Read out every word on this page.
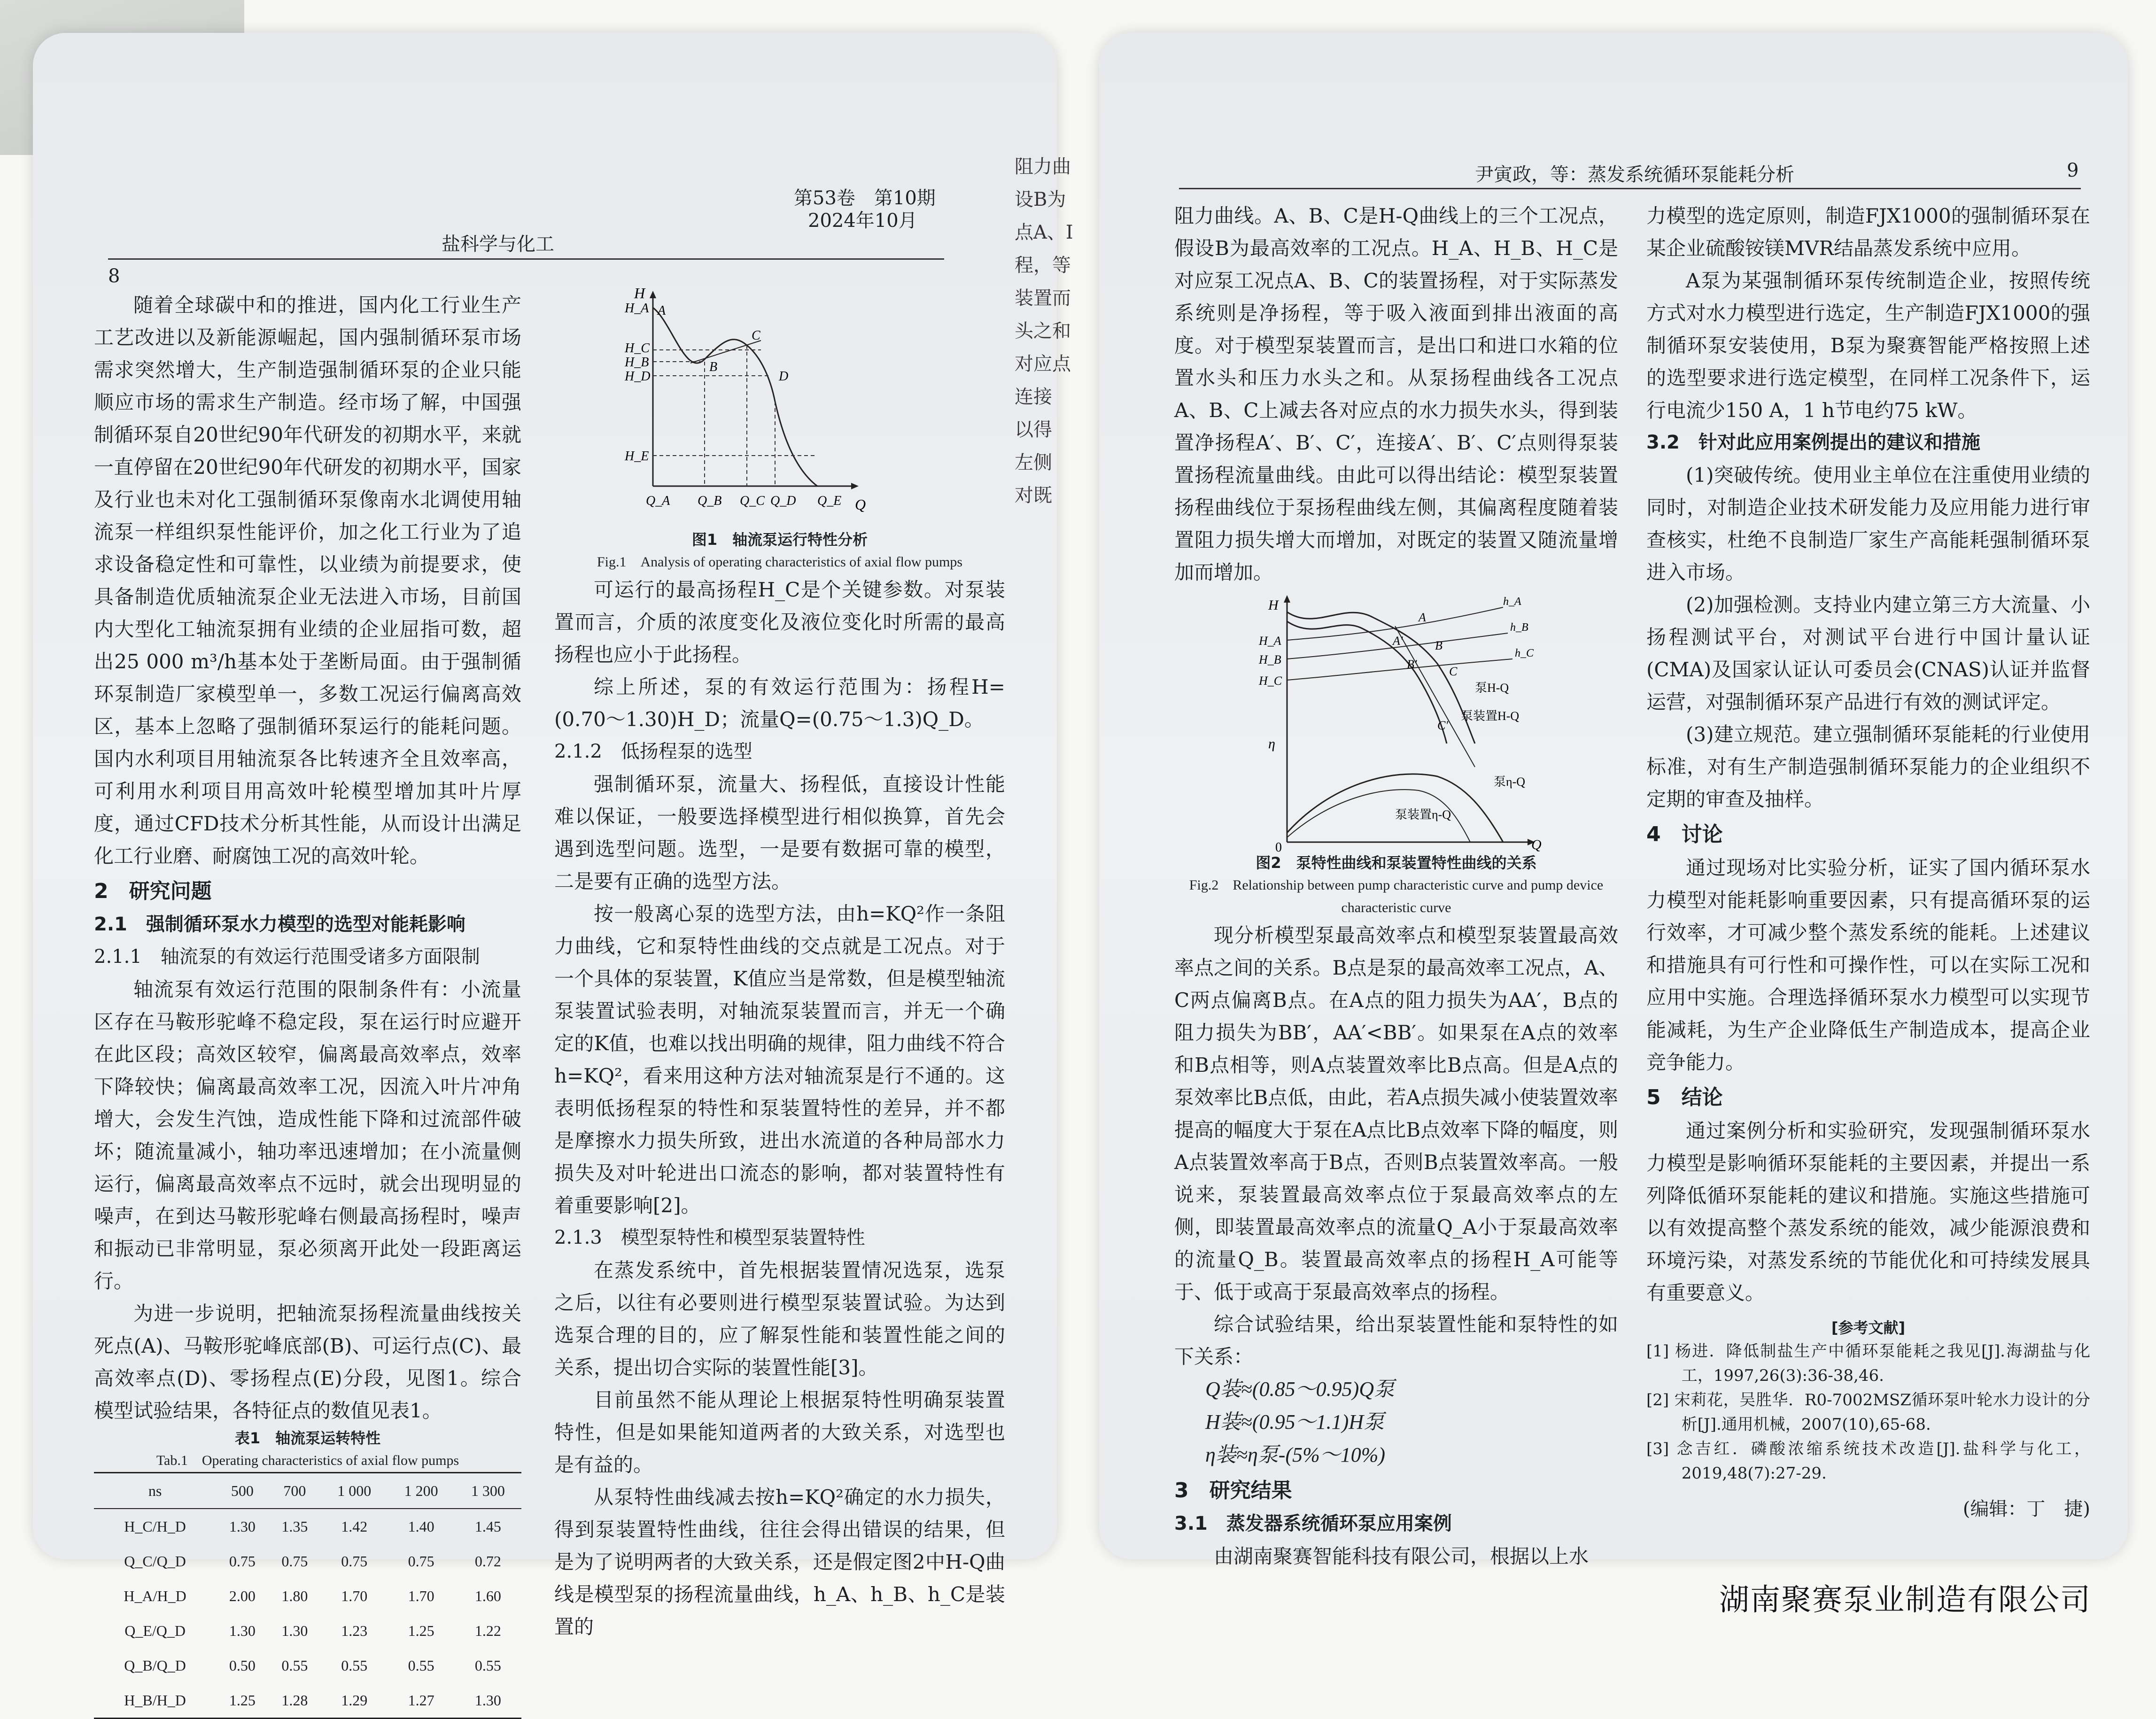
第53卷　第10期
2024年10月
盐科学与化工
8

随着全球碳中和的推进，国内化工行业生产工艺改进以及新能源崛起，国内强制循环泵市场需求突然增大，生产制造强制循环泵的企业只能顺应市场的需求生产制造。经市场了解，中国强制循环泵自20世纪90年代研发的初期水平，来就一直停留在20世纪90年代研发的初期水平，国家及行业也未对化工强制循环泵像南水北调使用轴流泵一样组织泵性能评价，加之化工行业为了追求设备稳定性和可靠性，以业绩为前提要求，使具备制造优质轴流泵企业无法进入市场，目前国内大型化工轴流泵拥有业绩的企业屈指可数，超出25 000 m³/h基本处于垄断局面。由于强制循环泵制造厂家模型单一，多数工况运行偏离高效区，基本上忽略了强制循环泵运行的能耗问题。国内水利项目用轴流泵各比转速齐全且效率高，可利用水利项目用高效叶轮模型增加其叶片厚度，通过CFD技术分析其性能，从而设计出满足化工行业磨、耐腐蚀工况的高效叶轮。

2　研究问题
2.1　强制循环泵水力模型的选型对能耗影响
2.1.1　轴流泵的有效运行范围受诸多方面限制

轴流泵有效运行范围的限制条件有：小流量区存在马鞍形驼峰不稳定段，泵在运行时应避开在此区段；高效区较窄，偏离最高效率点，效率下降较快；偏离最高效率工况，因流入叶片冲角增大，会发生汽蚀，造成性能下降和过流部件破坏；随流量减小，轴功率迅速增加；在小流量侧运行，偏离最高效率点不远时，就会出现明显的噪声，在到达马鞍形驼峰右侧最高扬程时，噪声和振动已非常明显，泵必须离开此处一段距离运行。

为进一步说明，把轴流泵扬程流量曲线按关死点(A)、马鞍形驼峰底部(B)、可运行点(C)、最高效率点(D)、零扬程点(E)分段，见图1。综合模型试验结果，各特征点的数值见表1。

表1　轴流泵运转特性
Tab.1　Operating characteristics of axial flow pumps
ns	500	700	1 000	1 200	1 300
H_C/H_D	1.30	1.35	1.42	1.40	1.45
Q_C/Q_D	0.75	0.75	0.75	0.75	0.72
H_A/H_D	2.00	1.80	1.70	1.70	1.60
Q_E/Q_D	1.30	1.30	1.23	1.25	1.22
Q_B/Q_D	0.50	0.55	0.55	0.55	0.55
H_B/H_D	1.25	1.28	1.29	1.27	1.30
H
Q
H_A
H_C
H_B
H_D
H_E
Q_A Q_B Q_C Q_D Q_E
A
B
C
D
图1　轴流泵运行特性分析
Fig.1　Analysis of operating characteristics of axial flow pumps

可运行的最高扬程H_C是个关键参数。对泵装置而言，介质的浓度变化及液位变化时所需的最高扬程也应小于此扬程。

综上所述，泵的有效运行范围为：扬程H=(0.70～1.30)H_D；流量Q=(0.75～1.3)Q_D。

2.1.2　低扬程泵的选型

强制循环泵，流量大、扬程低，直接设计性能难以保证，一般要选择模型进行相似换算，首先会遇到选型问题。选型，一是要有数据可靠的模型，二是要有正确的选型方法。

按一般离心泵的选型方法，由h=KQ²作一条阻力曲线，它和泵特性曲线的交点就是工况点。对于一个具体的泵装置，K值应当是常数，但是模型轴流泵装置试验表明，对轴流泵装置而言，并无一个确定的K值，也难以找出明确的规律，阻力曲线不符合h=KQ²，看来用这种方法对轴流泵是行不通的。这表明低扬程泵的特性和泵装置特性的差异，并不都是摩擦水力损失所致，进出水流道的各种局部水力损失及对叶轮进出口流态的影响，都对装置特性有着重要影响[2]。

2.1.3　模型泵特性和模型泵装置特性

在蒸发系统中，首先根据装置情况选泵，选泵之后，以往有必要则进行模型泵装置试验。为达到选泵合理的目的，应了解泵性能和装置性能之间的关系，提出切合实际的装置性能[3]。

目前虽然不能从理论上根据泵特性明确泵装置特性，但是如果能知道两者的大致关系，对选型也是有益的。

从泵特性曲线减去按h=KQ²确定的水力损失，得到泵装置特性曲线，往往会得出错误的结果，但是为了说明两者的大致关系，还是假定图2中H-Q曲线是模型泵的扬程流量曲线，h_A、h_B、h_C是装置的

阻力曲
设B为
点A、I
程，等
装置而
头之和
对应点
连接
以得
左侧
对既
尹寅政，等：蒸发系统循环泵能耗分析	9

阻力曲线。A、B、C是H-Q曲线上的三个工况点，假设B为最高效率的工况点。H_A、H_B、H_C是对应泵工况点A、B、C的装置扬程，对于实际蒸发系统则是净扬程，等于吸入液面到排出液面的高度。对于模型泵装置而言，是出口和进口水箱的位置水头和压力水头之和。从泵扬程曲线各工况点A、B、C上减去各对应点的水力损失水头，得到装置净扬程A′、B′、C′，连接A′、B′、C′点则得泵装置扬程流量曲线。由此可以得出结论：模型泵装置扬程曲线位于泵扬程曲线左侧，其偏离程度随着装置阻力损失增大而增加，对既定的装置又随流量增加而增加。

H
η
Q
0
H_A
H_B
H_C
A
B
C
A′
B′
C′
h_A
h_B
h_C
泵H-Q
泵装置H-Q
泵η-Q
泵装置η-Q
图2　泵特性曲线和泵装置特性曲线的关系
Fig.2　Relationship between pump characteristic curve and pump device characteristic curve

现分析模型泵最高效率点和模型泵装置最高效率点之间的关系。B点是泵的最高效率工况点，A、C两点偏离B点。在A点的阻力损失为AA′，B点的阻力损失为BB′，AA′<BB′。如果泵在A点的效率和B点相等，则A点装置效率比B点高。但是A点的泵效率比B点低，由此，若A点损失减小使装置效率提高的幅度大于泵在A点比B点效率下降的幅度，则A点装置效率高于B点，否则B点装置效率高。一般说来，泵装置最高效率点位于泵最高效率点的左侧，即装置最高效率点的流量Q_A小于泵最高效率的流量Q_B。装置最高效率点的扬程H_A可能等于、低于或高于泵最高效率点的扬程。

综合试验结果，给出泵装置性能和泵特性的如下关系：

Q装≈(0.85～0.95)Q泵
H装≈(0.95～1.1)H泵
η装≈η泵-(5%～10%)
3　研究结果
3.1　蒸发器系统循环泵应用案例

由湖南聚赛智能科技有限公司，根据以上水

力模型的选定原则，制造FJX1000的强制循环泵在某企业硫酸铵镁MVR结晶蒸发系统中应用。

A泵为某强制循环泵传统制造企业，按照传统方式对水力模型进行选定，生产制造FJX1000的强制循环泵安装使用，B泵为聚赛智能严格按照上述的选型要求进行选定模型，在同样工况条件下，运行电流少150 A，1 h节电约75 kW。

3.2　针对此应用案例提出的建议和措施

(1)突破传统。使用业主单位在注重使用业绩的同时，对制造企业技术研发能力及应用能力进行审查核实，杜绝不良制造厂家生产高能耗强制循环泵进入市场。

(2)加强检测。支持业内建立第三方大流量、小扬程测试平台，对测试平台进行中国计量认证(CMA)及国家认证认可委员会(CNAS)认证并监督运营，对强制循环泵产品进行有效的测试评定。

(3)建立规范。建立强制循环泵能耗的行业使用标准，对有生产制造强制循环泵能力的企业组织不定期的审查及抽样。

4　讨论

通过现场对比实验分析，证实了国内循环泵水力模型对能耗影响重要因素，只有提高循环泵的运行效率，才可减少整个蒸发系统的能耗。上述建议和措施具有可行性和可操作性，可以在实际工况和应用中实施。合理选择循环泵水力模型可以实现节能减耗，为生产企业降低生产制造成本，提高企业竞争能力。

5　结论

通过案例分析和实验研究，发现强制循环泵水力模型是影响循环泵能耗的主要因素，并提出一系列降低循环泵能耗的建议和措施。实施这些措施可以有效提高整个蒸发系统的能效，减少能源浪费和环境污染，对蒸发系统的节能优化和可持续发展具有重要意义。

[参考文献]
[1] 杨进．降低制盐生产中循环泵能耗之我见[J].海湖盐与化工，1997,26(3):36-38,46.
[2] 宋莉花，吴胜华．R0-7002MSZ循环泵叶轮水力设计的分析[J].通用机械，2007(10),65-68.
[3] 念吉红．磷酸浓缩系统技术改造[J].盐科学与化工，2019,48(7):27-29.
(编辑：丁　捷)
湖南聚赛泵业制造有限公司
